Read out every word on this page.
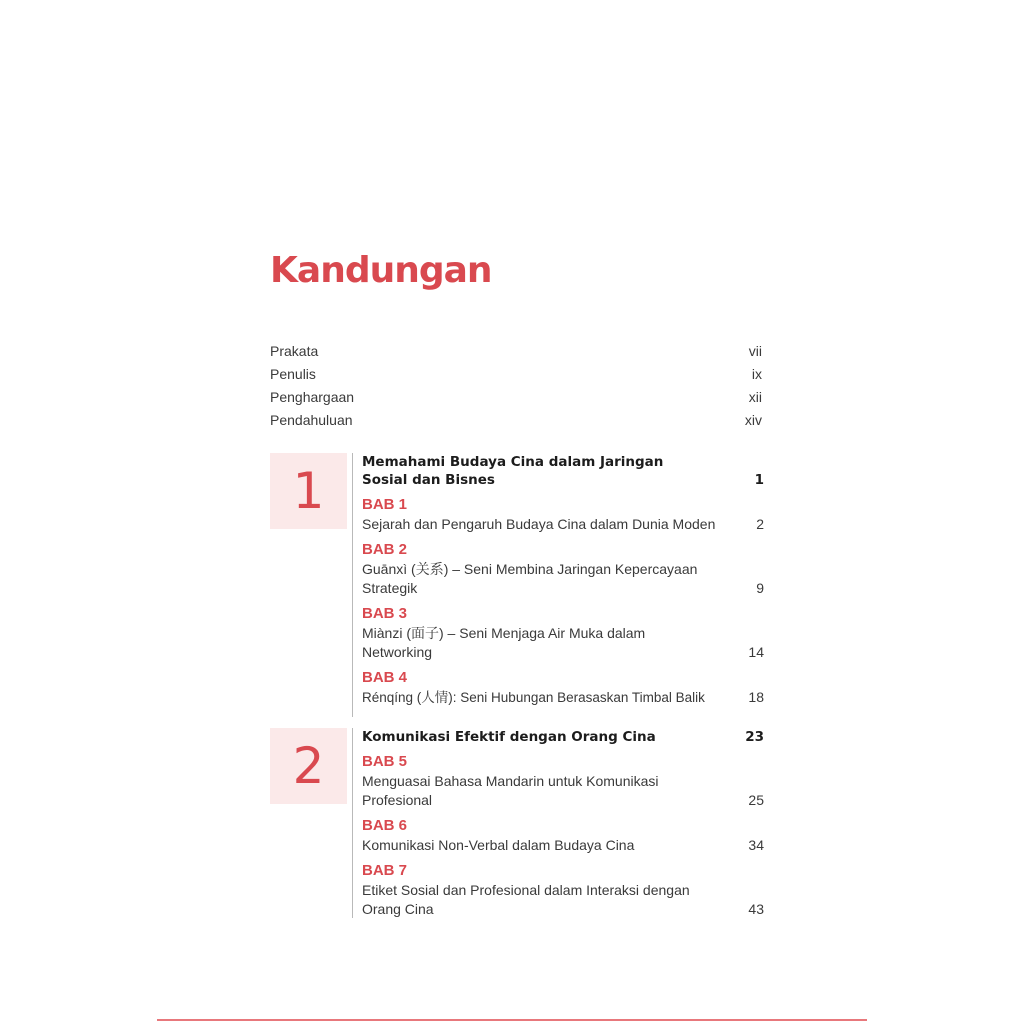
Kandungan
Prakata	vii
Penulis	ix
Penghargaan	xii
Pendahuluan	xiv
1	Memahami Budaya Cina dalam Jaringan Sosial dan Bisnes	1
BAB 1
Sejarah dan Pengaruh Budaya Cina dalam Dunia Moden	2
BAB 2
Guānxì (关系) – Seni Membina Jaringan Kepercayaan Strategik	9
BAB 3
Miànzi (面子) – Seni Menjaga Air Muka dalam Networking	14
BAB 4
Rénqíng (人情): Seni Hubungan Berasaskan Timbal Balik	18
2	Komunikasi Efektif dengan Orang Cina	23
BAB 5
Menguasai Bahasa Mandarin untuk Komunikasi Profesional	25
BAB 6
Komunikasi Non-Verbal dalam Budaya Cina	34
BAB 7
Etiket Sosial dan Profesional dalam Interaksi dengan Orang Cina	43
